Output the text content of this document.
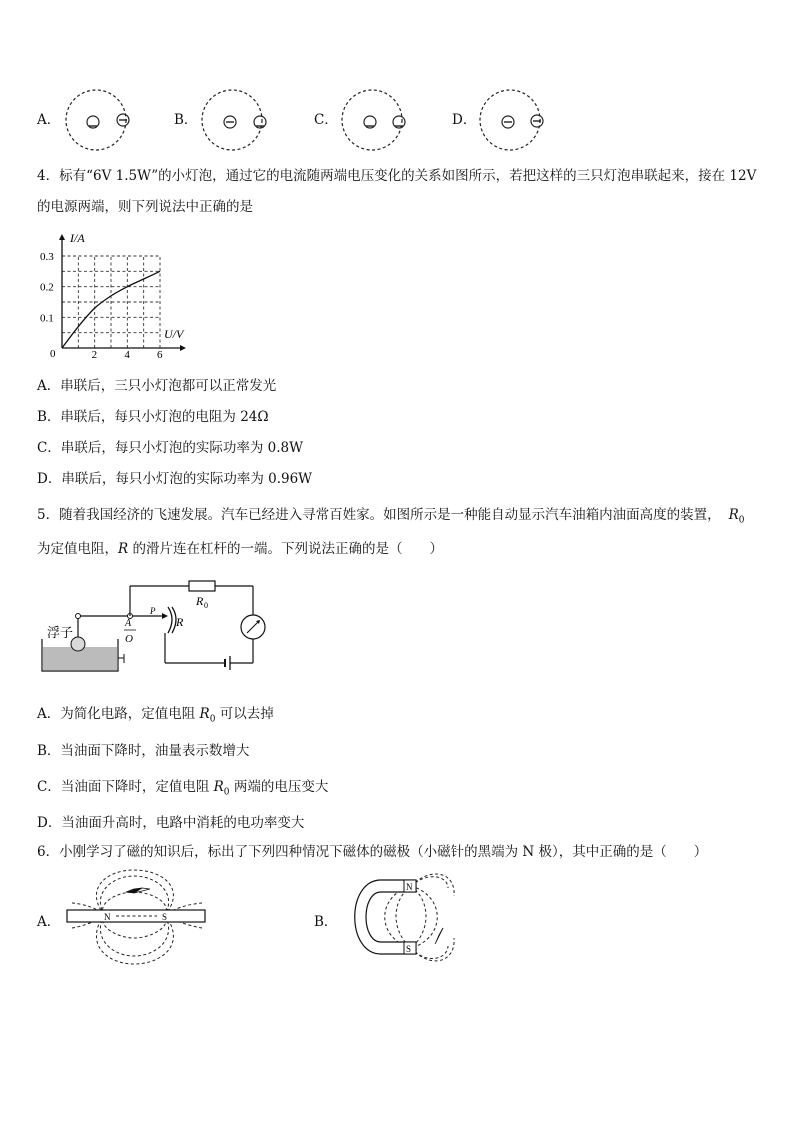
A．	B．	C．	D．
4．标有“6V 1.5W”的小灯泡，通过它的电流随两端电压变化的关系如图所示，若把这样的三只灯泡串联起来，接在 12V
的电源两端，则下列说法中正确的是
2 4 6
0.1
0.2
0.3
I/A
U/V
0
A．串联后，三只小灯泡都可以正常发光
B．串联后，每只小灯泡的电阻为 24Ω
C．串联后，每只小灯泡的实际功率为 0.8W
D．串联后，每只小灯泡的实际功率为 0.96W
5．随着我国经济的飞速发展。汽车已经进入寻常百姓家。如图所示是一种能自动显示汽车油箱内油面高度的装置， $R_0$
为定值电阻，R 的滑片连在杠杆的一端。下列说法正确的是（　　）
浮子
A
O
P
R
R 0
A．为简化电路，定值电阻 $R_0$ 可以去掉
B．当油面下降时，油量表示数增大
C．当油面下降时，定值电阻 $R_0$ 两端的电压变大
D．当油面升高时，电路中消耗的电功率变大
6．小刚学习了磁的知识后，标出了下列四种情况下磁体的磁极（小磁针的黑端为 N 极），其中正确的是（　　）
A．	N	S	B．
N
S
